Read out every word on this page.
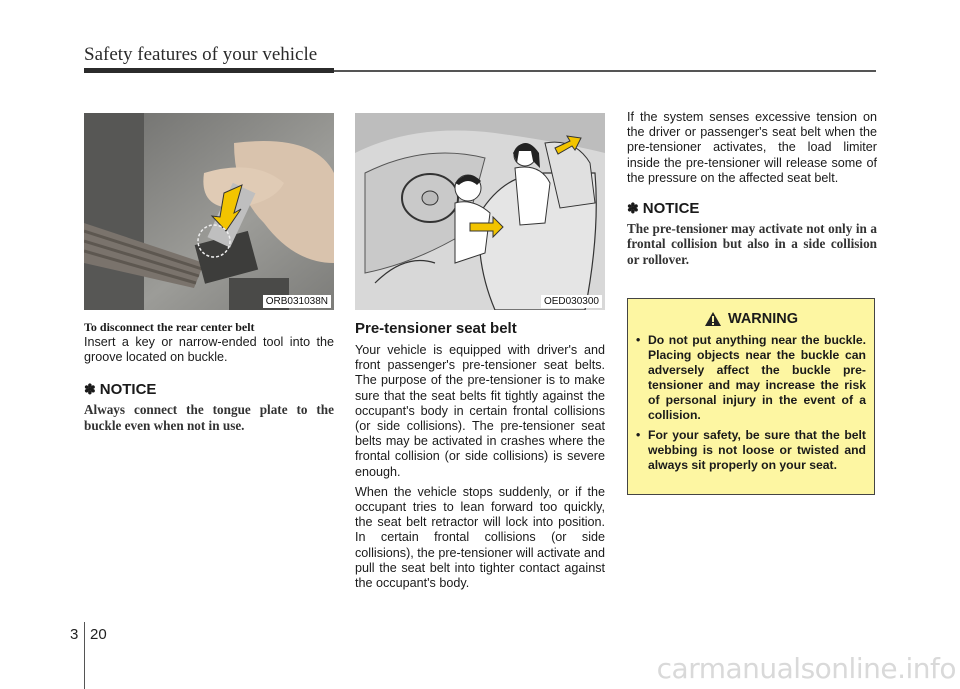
Safety features of your vehicle
ORB031038N
To disconnect the rear center belt
Insert a key or narrow-ended tool into the groove located on buckle.
✽ NOTICE
Always connect the tongue plate to the buckle even when not in use.
OED030300
Pre-tensioner seat belt

Your vehicle is equipped with driver's and front passenger's pre-tensioner seat belts. The purpose of the pre-tensioner is to make sure that the seat belts fit tightly against the occupant's body in certain frontal collisions (or side collisions). The pre-tensioner seat belts may be activated in crashes where the frontal collision (or side collisions) is severe enough.

When the vehicle stops suddenly, or if the occupant tries to lean forward too quickly, the seat belt retractor will lock into position. In certain frontal collisions (or side collisions), the pre-tensioner will activate and pull the seat belt into tighter contact against the occupant's body.

If the system senses excessive tension on the driver or passenger's seat belt when the pre-tensioner activates, the load limiter inside the pre-tensioner will release some of the pressure on the affected seat belt.
✽ NOTICE
The pre-tensioner may activate not only in a frontal collision but also in a side collision or rollover.
WARNING
• Do not put anything near the buckle. Placing objects near the buckle can adversely affect the buckle pre-tensioner and may increase the risk of personal injury in the event of a collision.
• For your safety, be sure that the belt webbing is not loose or twisted and always sit properly on your seat.
3 20
carmanualsonline.info
